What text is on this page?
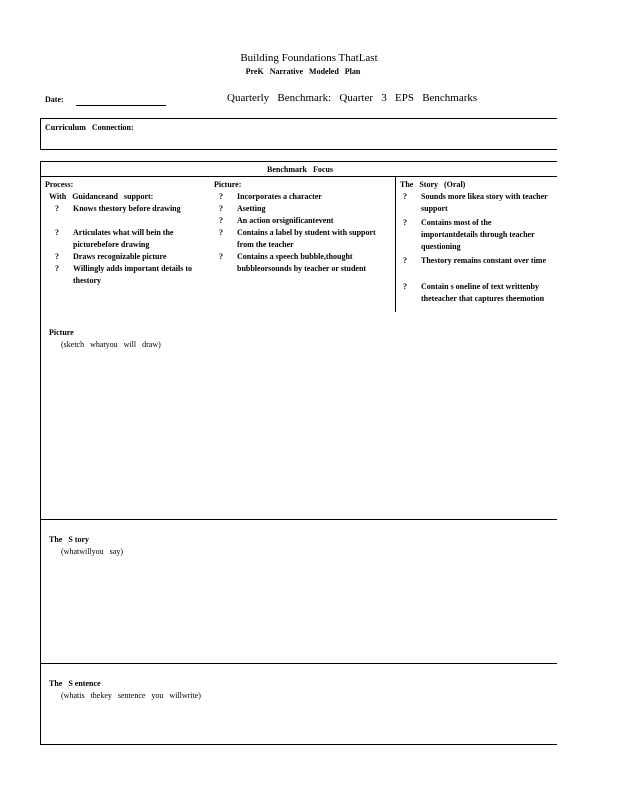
Building Foundations ThatLast
PreK   Narrative   Modeled   Plan
Date:	Quarterly   Benchmark:   Quarter   3   EPS   Benchmarks
Curriculum   Connection:
Benchmark   Focus
Process:
With   Guidanceand   support:
?	Knows thestory before drawing
?	Articulates what will bein the picturebefore drawing
?	Draws recognizable picture
?	Willingly adds important details to thestory
Picture:
?	Incorporates a character
?	Asetting
?	An action orsignificantevent
?	Contains a label by student with support from the teacher
?	Contains a speech bubble,thought bubbleorsounds by teacher or student
The   Story   (Oral)
?	Sounds more likea story with teacher support
?	Contains most of the importantdetails through teacher questioning
?	Thestory remains constant over time
?	Contain s oneline of text writtenby theteacher that captures theemotion

Picture
(sketch   whatyou   will   draw)

The   S tory
(whatwillyou   say)

The   S entence
(whatis   thekey   sentence   you   willwrite)
